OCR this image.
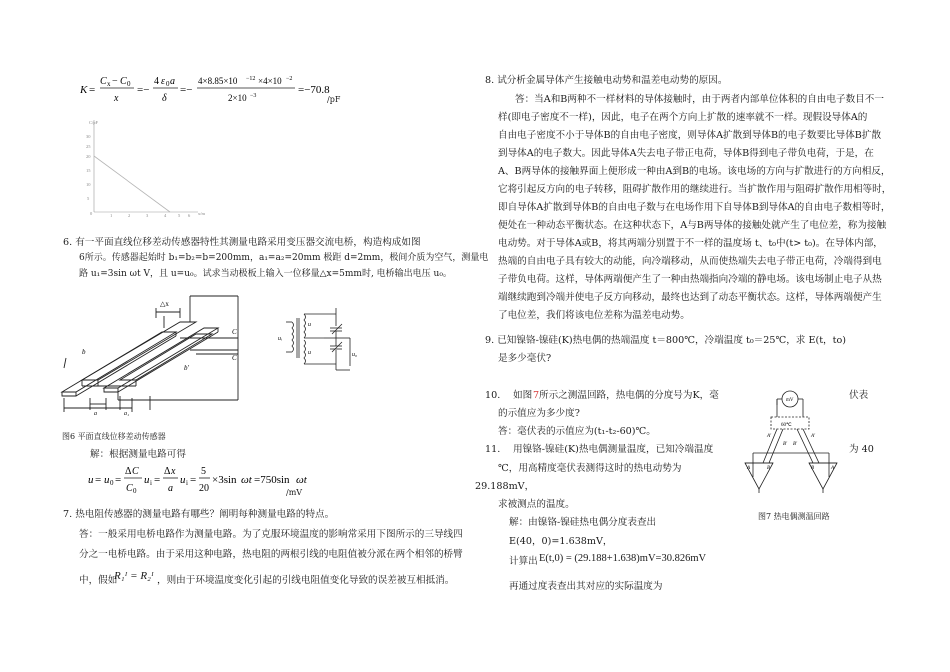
K =
C x − C 0
x
=−
4 ε 0 a
δ
=−
4×8.85×10 −12 ×4×10 −2
2×10 −3	=−70.8
/pF
C/pF
x/m
30
25
20
15
10
5
0	1	2	3	4	5 6
6. 有一平面直线位移差动传感器特性其测量电路采用变压器交流电桥，构造构成如图
6所示。传感器起始时 b₁=b₂=b=200mm，a₁=a₂=20mm 极距 d=2mm，极间介质为空气，测量电
路 u₁=3sin ωt V，且 u=u₀。试求当动极板上输入一位移量△x=5mm时, 电桥输出电压 u₀。
△x
b
b'
a	a₁
C
C
uᵢ
u
u	u₀
图6 平面直线位移差动传感器
解：根据测量电路可得
u = u 0 =
Δ C
C 0
u i =
Δ x
a
u i =
5
20
×3sin ωt =750sin ωt
/mV
7. 热电阻传感器的测量电路有哪些？阐明每种测量电路的特点。
答：一般采用电桥电路作为测量电路。为了克服环境温度的影响常采用下图所示的三导线四
分之一电桥电路。由于采用这种电路，热电阻的两根引线的电阻值被分派在两个相邻的桥臂
中，假如
R₁ᴵ = R₂ᴵ ，则由于环境温度变化引起的引线电阻值变化导致的误差被互相抵消。
8. 试分析金属导体产生接触电动势和温差电动势的原因。
答：当A和B两种不一样材料的导体接触时，由于两者内部单位体积的自由电子数目不一
样(即电子密度不一样)，因此，电子在两个方向上扩散的速率就不一样。现假设导体A的
自由电子密度不小于导体B的自由电子密度，则导体A扩散到导体B的电子数要比导体B扩散
到导体A的电子数大。因此导体A失去电子带正电荷，导体B得到电子带负电荷，于是，在
A、B两导体的接触界面上便形成一种由A到B的电场。该电场的方向与扩散进行的方向相反，
它将引起反方向的电子转移，阻碍扩散作用的继续进行。当扩散作用与阻碍扩散作用相等时，
即自导体A扩散到导体B的自由电子数与在电场作用下自导体B到导体A的自由电子数相等时，
便处在一种动态平衡状态。在这种状态下，A与B两导体的接触处就产生了电位差，称为接触
电动势。对于导体A或B，将其两端分别置于不一样的温度场 t、t₀中(t> t₀)。在导体内部，
热端的自由电子具有较大的动能，向冷端移动，从而使热端失去电子带正电荷，冷端得到电
子带负电荷。这样，导体两端便产生了一种由热端指向冷端的静电场。该电场制止电子从热
端继续跑到冷端并使电子反方向移动，最终也达到了动态平衡状态。这样，导体两端便产生
了电位差，我们将该电位差称为温差电动势。
9. 已知镍铬-镍硅(K)热电偶的热端温度 t＝800℃，冷端温度 t₀＝25℃，求 E(t，to)
是多少毫伏?
10. 如图 7 所示之测温回路，热电偶的分度号为K，毫	伏表
的示值应为多少度?
答：毫伏表的示值应为(t₁-t₂-60)℃。
11. 用镍铬-镍硅(K)热电偶测量温度，已知冷端温度	为 40
℃，用高精度毫伏表测得这时的热电动势为
29.188mV，
求被测点的温度。
解：由镍铬-镍硅热电偶分度表查出
E(40，0)=1.638mV，
计算出 E(t,0) = (29.188+1.638)mV=30.826mV
再通过度表查出其对应的实际温度为
mV
60℃
A'
B' B'
A'
A	B	B	A
图7 热电偶测温回路
